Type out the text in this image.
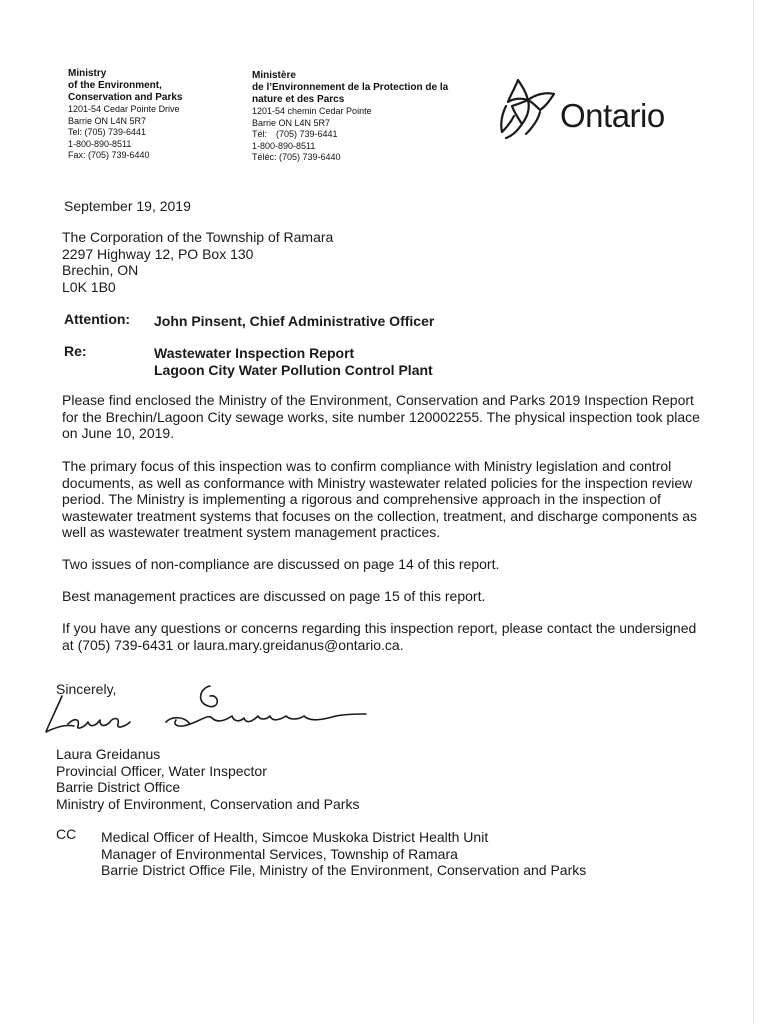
Ministry
of the Environment,
Conservation and Parks
1201-54 Cedar Pointe Drive
Barrie ON L4N 5R7
Tel: (705) 739-6441
1-800-890-8511
Fax: (705) 739-6440
Ministère
de l’Environnement de la Protection de la
nature et des Parcs
1201-54 chemin Cedar Pointe
Barrie ON L4N 5R7
Tél: (705) 739-6441
1-800-890-8511
Téléc: (705) 739-6440
Ontario
September 19, 2019
The Corporation of the Township of Ramara
2297 Highway 12, PO Box 130
Brechin, ON
L0K 1B0
Attention: John Pinsent, Chief Administrative Officer
Re:	Wastewater Inspection Report
Lagoon City Water Pollution Control Plant
Please find enclosed the Ministry of the Environment, Conservation and Parks 2019 Inspection Report
for the Brechin/Lagoon City sewage works, site number 120002255. The physical inspection took place
on June 10, 2019.
The primary focus of this inspection was to confirm compliance with Ministry legislation and control
documents, as well as conformance with Ministry wastewater related policies for the inspection review
period. The Ministry is implementing a rigorous and comprehensive approach in the inspection of
wastewater treatment systems that focuses on the collection, treatment, and discharge components as
well as wastewater treatment system management practices.
Two issues of non-compliance are discussed on page 14 of this report.
Best management practices are discussed on page 15 of this report.
If you have any questions or concerns regarding this inspection report, please contact the undersigned
at (705) 739-6431 or laura.mary.greidanus@ontario.ca.
Sincerely,
Laura Greidanus
Provincial Officer, Water Inspector
Barrie District Office
Ministry of Environment, Conservation and Parks
CC Medical Officer of Health, Simcoe Muskoka District Health Unit
Manager of Environmental Services, Township of Ramara
Barrie District Office File, Ministry of the Environment, Conservation and Parks
